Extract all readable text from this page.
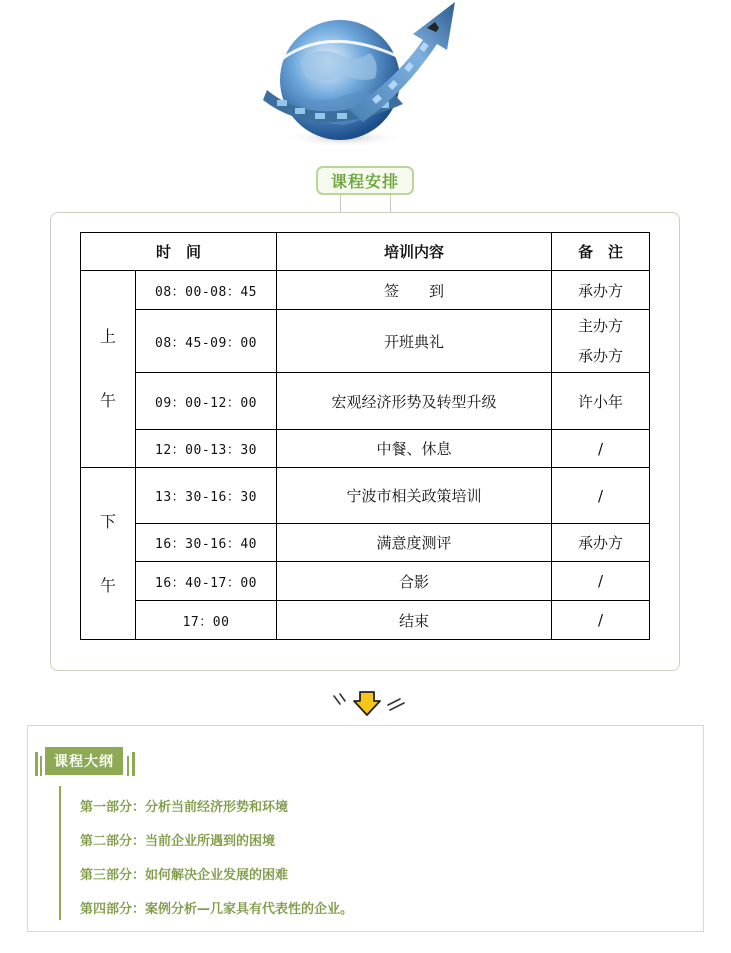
课程安排
时　间		培训内容	备　注

上
午	08：00-08：45	签　　到	承办方
	08：45-09：00	开班典礼	主办方
承办方

	09：00-12：00	宏观经济形势及转型升级	许小年
	12：00-13：30	中餐、休息	/

下
午	13：30-16：30	宁波市相关政策培训	/
	16：30-16：40	满意度测评	承办方
	16：40-17：00	合影	/
	17：00	结束	/
课程大纲
第一部分：分析当前经济形势和环境
第二部分：当前企业所遇到的困境
第三部分：如何解决企业发展的困难
第四部分：案例分析—几家具有代表性的企业。
